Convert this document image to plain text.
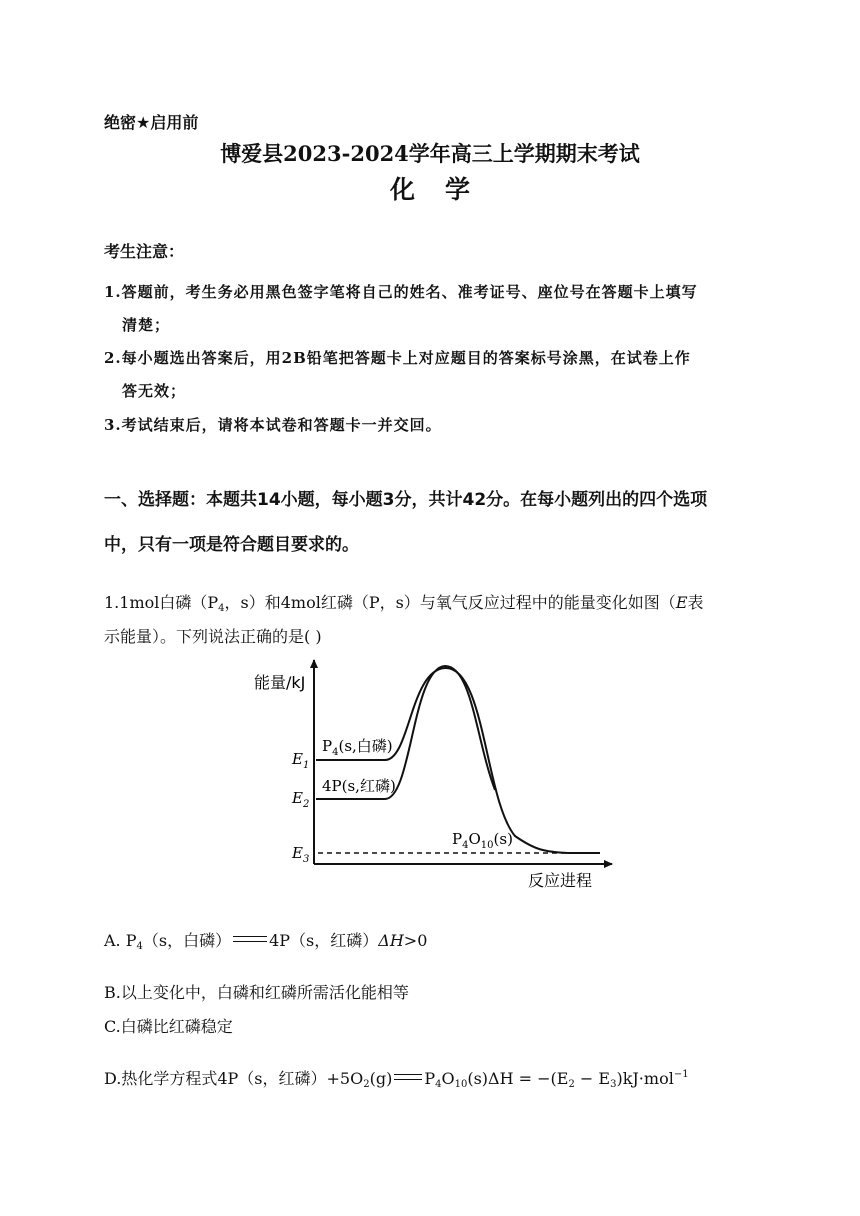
绝密★启用前
博爱县2023-2024学年高三上学期期末考试
化学
考生注意：
1.答题前，考生务必用黑色签字笔将自己的姓名、准考证号、座位号在答题卡上填写
清楚；
2.每小题选出答案后，用2B铅笔把答题卡上对应题目的答案标号涂黑，在试卷上作
答无效；
3.考试结束后，请将本试卷和答题卡一并交回。
一、选择题：本题共14小题，每小题3分，共计42分。在每小题列出的四个选项
中，只有一项是符合题目要求的。
1.1mol白磷（$P_4$，s）和4mol红磷（P，s）与氧气反应过程中的能量变化如图（E表
示能量）。下列说法正确的是( )
能量/kJ
反应进程
$E_1$
$E_2$
$E_3$
$P_4(s$,白磷)
4P(s,红磷)
$P_4O_{10}(s)$
A. $P_4(s$，白磷） 4P（s，红磷）ΔH>0
B.以上变化中，白磷和红磷所需活化能相等
C.白磷比红磷稳定
D.热化学方程式4P（s，红磷）$+5O_2(g) P_4O_{10}(s)\Delta H = -(E_2 - E_3)kJ\cdot mol^{-1}$
